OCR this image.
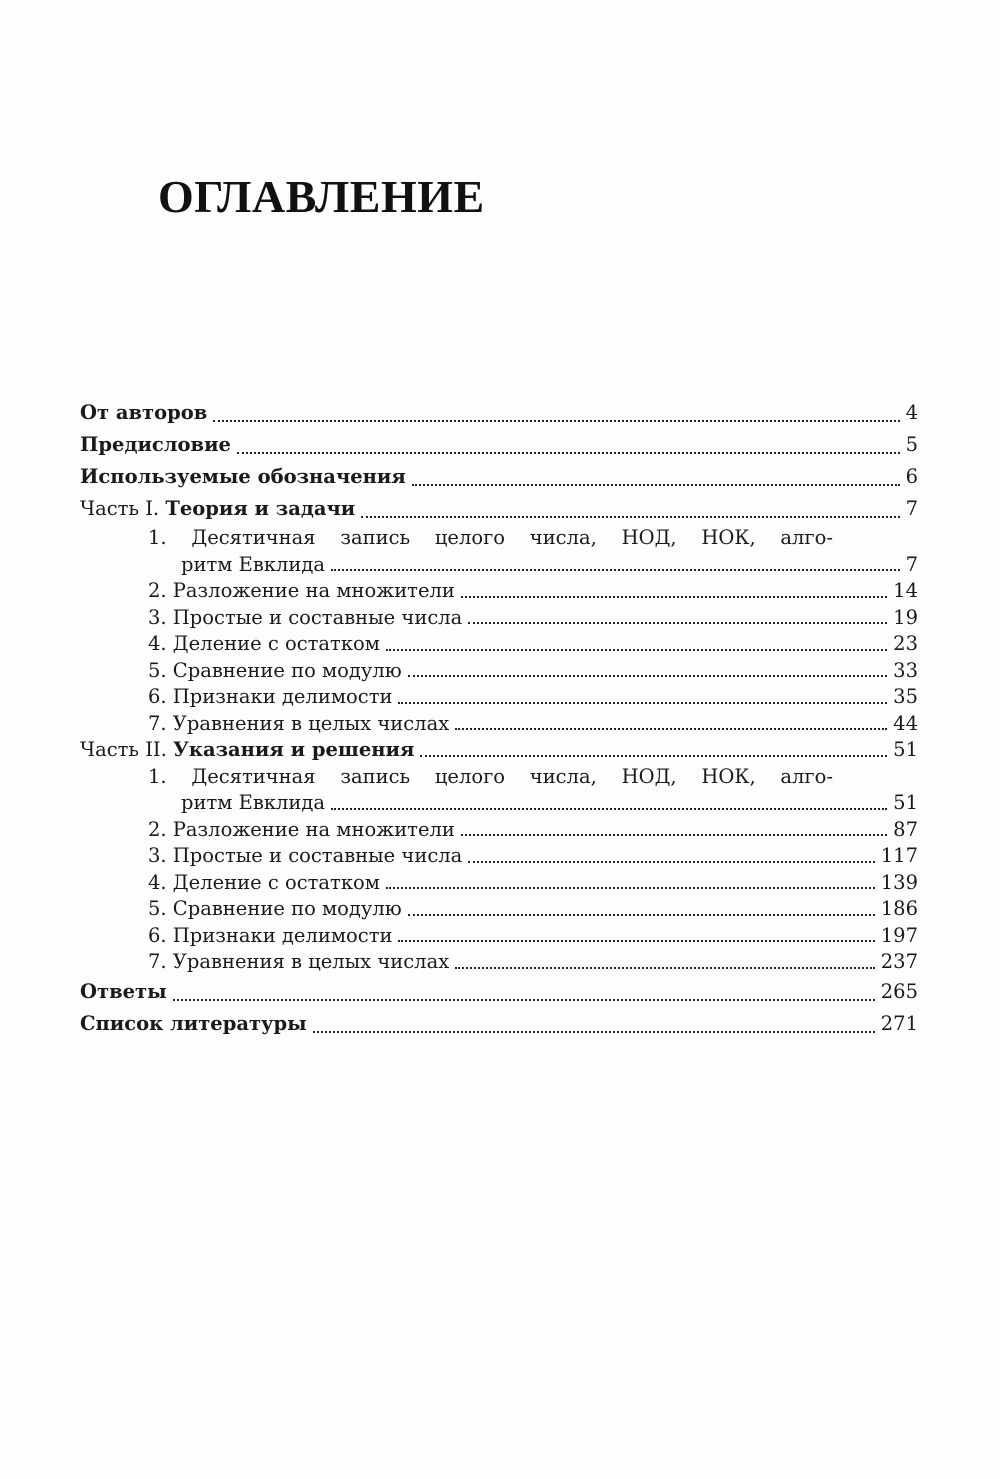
ОГЛАВЛЕНИЕ
От авторов	4
Предисловие	5
Используемые обозначения	6
Часть I. Теория и задачи	7
1. Десятичная запись целого числа, НОД, НОК, алго-
ритм Евклида	7
2. Разложение на множители	14
3. Простые и составные числа	19
4. Деление с остатком	23
5. Сравнение по модулю	33
6. Признаки делимости	35
7. Уравнения в целых числах	44
Часть II. Указания и решения	51
1. Десятичная запись целого числа, НОД, НОК, алго-
ритм Евклида	51
2. Разложение на множители	87
3. Простые и составные числа	117
4. Деление с остатком	139
5. Сравнение по модулю	186
6. Признаки делимости	197
7. Уравнения в целых числах	237
Ответы	265
Список литературы	271
